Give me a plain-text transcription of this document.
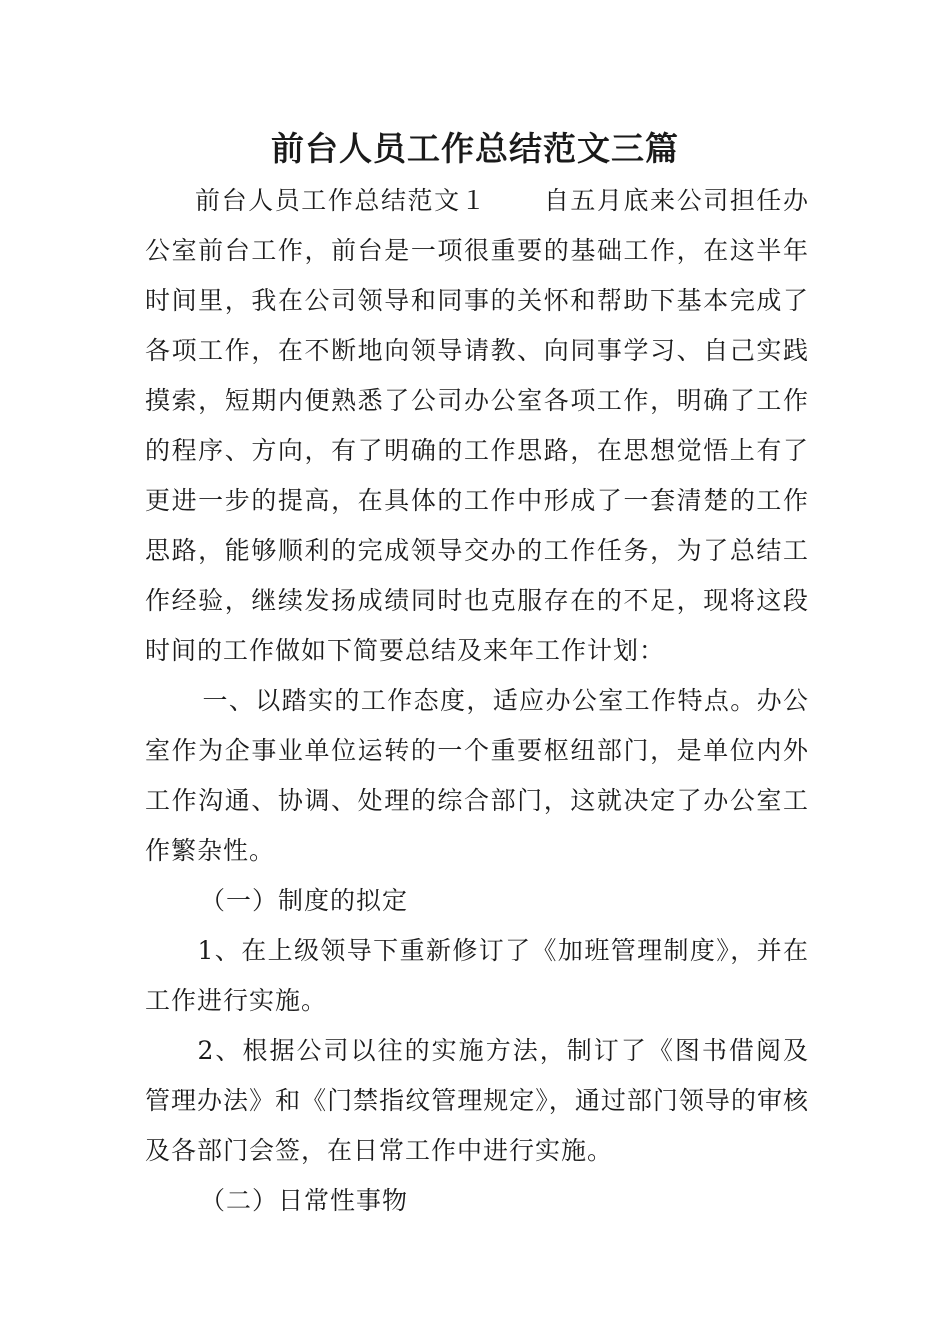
前台人员工作总结范文三篇

前台人员工作总结范文１ 自五月底来公司担任办公室前台工作，前台是一项很重要的基础工作，在这半年时间里，我在公司领导和同事的关怀和帮助下基本完成了各项工作，在不断地向领导请教、向同事学习、自己实践摸索，短期内便熟悉了公司办公室各项工作，明确了工作的程序、方向，有了明确的工作思路，在思想觉悟上有了更进一步的提高，在具体的工作中形成了一套清楚的工作思路，能够顺利的完成领导交办的工作任务，为了总结工作经验，继续发扬成绩同时也克服存在的不足，现将这段时间的工作做如下简要总结及来年工作计划：

一、以踏实的工作态度，适应办公室工作特点。办公室作为企事业单位运转的一个重要枢纽部门，是单位内外工作沟通、协调、处理的综合部门，这就决定了办公室工作繁杂性。

（一）制度的拟定

1、在上级领导下重新修订了《加班管理制度》，并在工作进行实施。

2、根据公司以往的实施方法，制订了《图书借阅及管理办法》和《门禁指纹管理规定》，通过部门领导的审核及各部门会签，在日常工作中进行实施。

（二）日常性事物
